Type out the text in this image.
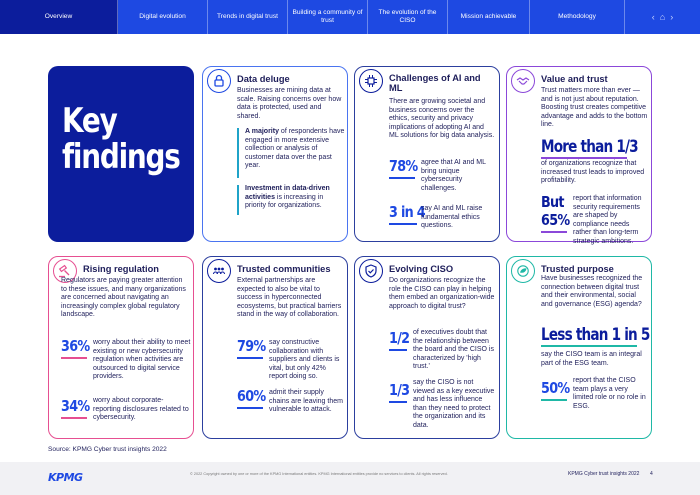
Overview	Digital evolution	Trends in digital trust
Building a community of trust
The evolution of the CISO
Mission achievable	Methodology	‹ ⌂ ›
Key findings
Data deluge
Businesses are mining data at scale. Raising concerns over how data is protected, used and shared.
A majority of respondents have engaged in more extensive collection or analysis of customer data over the past year.
Investment in data-driven activities is increasing in priority for organizations.
Challenges of AI and ML
There are growing societal and business concerns over the ethics, security and privacy implications of adopting AI and ML solutions for big data analysis.
78% agree that AI and ML bring unique cybersecurity challenges.
3 in 4
say AI and ML raise fundamental ethics questions.
Value and trust
Trust matters more than ever — and is not just about reputation. Boosting trust creates competitive advantage and adds to the bottom line.
More than 1/3
of organizations recognize that increased trust leads to improved profitability.
But
65%
report that information security requirements are shaped by compliance needs rather than long-term strategic ambitions.
Rising regulation
Regulators are paying greater attention to these issues, and many organizations are concerned about navigating an increasingly complex global regulatory landscape.
36% worry about their ability to meet existing or new cybersecurity regulation when activities are outsourced to digital service providers.
34% worry about corporate-reporting disclosures related to cybersecurity.
Trusted communities
External partnerships are expected to also be vital to success in hyperconnected ecosystems, but practical barriers stand in the way of collaboration.
79% say constructive collaboration with suppliers and clients is vital, but only 42% report doing so.
60% admit their supply chains are leaving them vulnerable to attack.
Evolving CISO
Do organizations recognize the role the CISO can play in helping them embed an organization-wide approach to digital trust?
1/2 of executives doubt that the relationship between the board and the CISO is characterized by 'high trust.'
1/3 say the CISO is not viewed as a key executive and has less influence than they need to protect the organization and its data.
Trusted purpose
Have businesses recognized the connection between digital trust and their environmental, social and governance (ESG) agenda?
Less than 1 in 5
say the CISO team is an integral part of the ESG team.
50% report that the CISO team plays a very limited role or no role in ESG.
Source: KPMG Cyber trust insights 2022
KPMG	© 2022 Copyright owned by one or more of the KPMG International entities. KPMG International entities provide no services to clients. All rights reserved.	KPMG Cyber trust insights 2022 4
